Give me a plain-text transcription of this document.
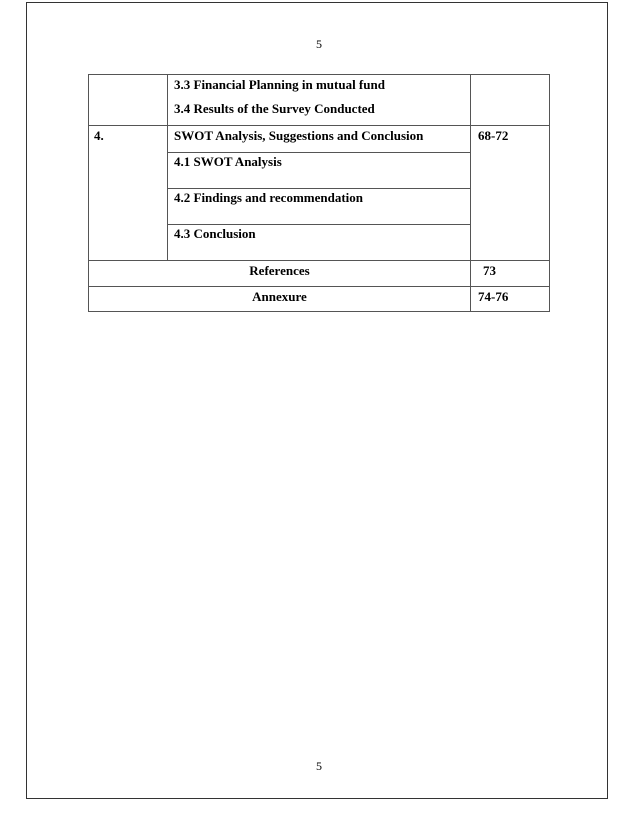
5
3.3 Financial Planning in mutual fund
3.4 Results of the Survey Conducted
4.	SWOT Analysis, Suggestions and Conclusion	68-72
4.1 SWOT Analysis
4.2 Findings and recommendation
4.3 Conclusion
References	73
Annexure	74-76
5
